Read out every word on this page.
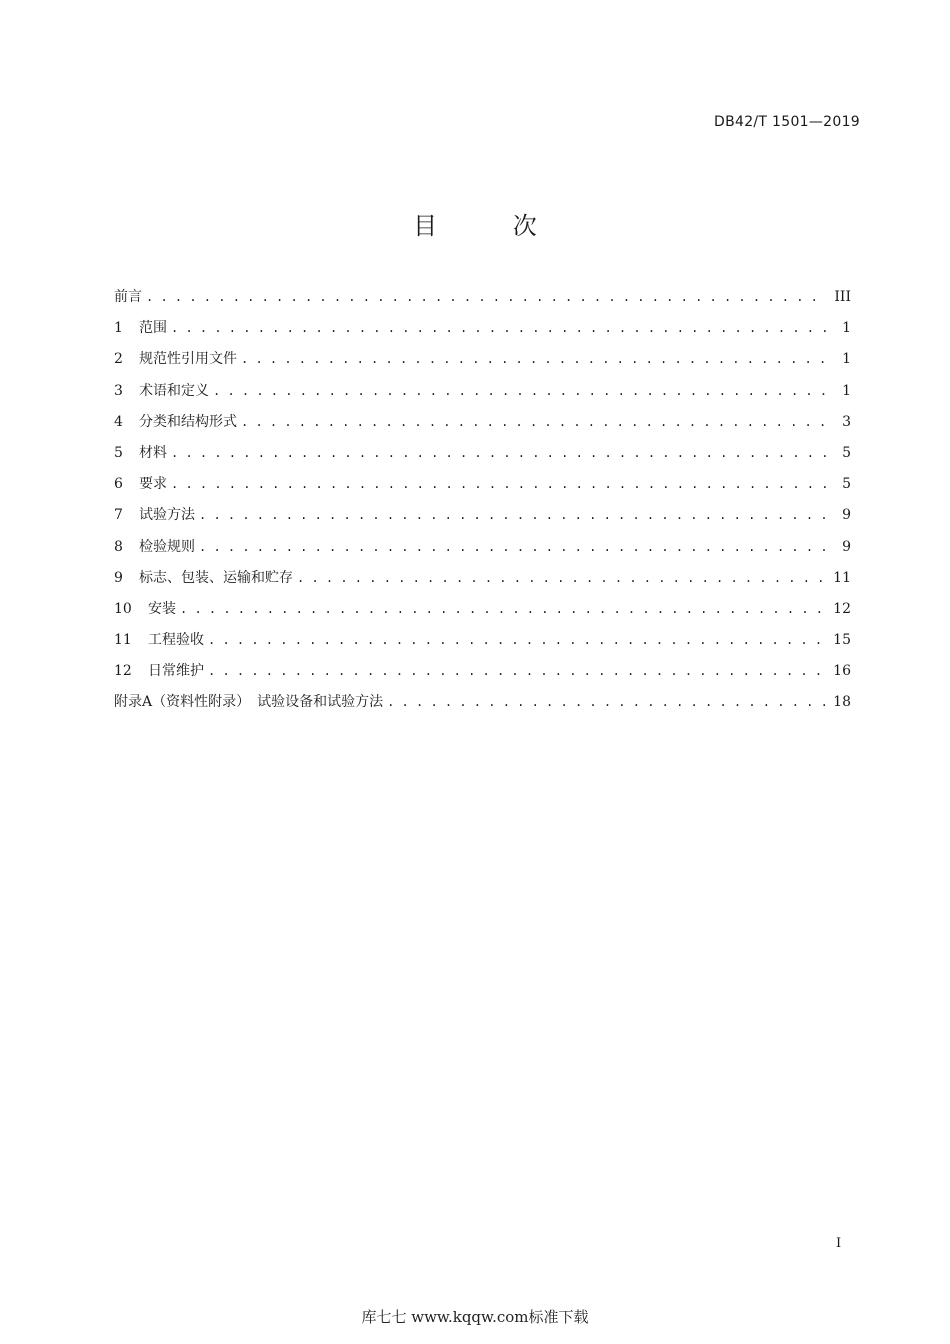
DB42/T 1501—2019
目 次
前言 . . .	III
1	范围 . . .	1
2	规范性引用文件 . . .	1
3	术语和定义 . . .	1
4	分类和结构形式 . . .	3
5	材料 . . .	5
6	要求 . . .	5
7	试验方法 . . .	9
8	检验规则 . . .	9
9	标志、包装、运输和贮存 . . .	11
10	安装 . . .	12
11	工程验收 . . .	15
12	日常维护 . . .	16
附录A（资料性附录）　试验设备和试验方法 . . .	18
I
库七七 www.kqqw.com标准下载
